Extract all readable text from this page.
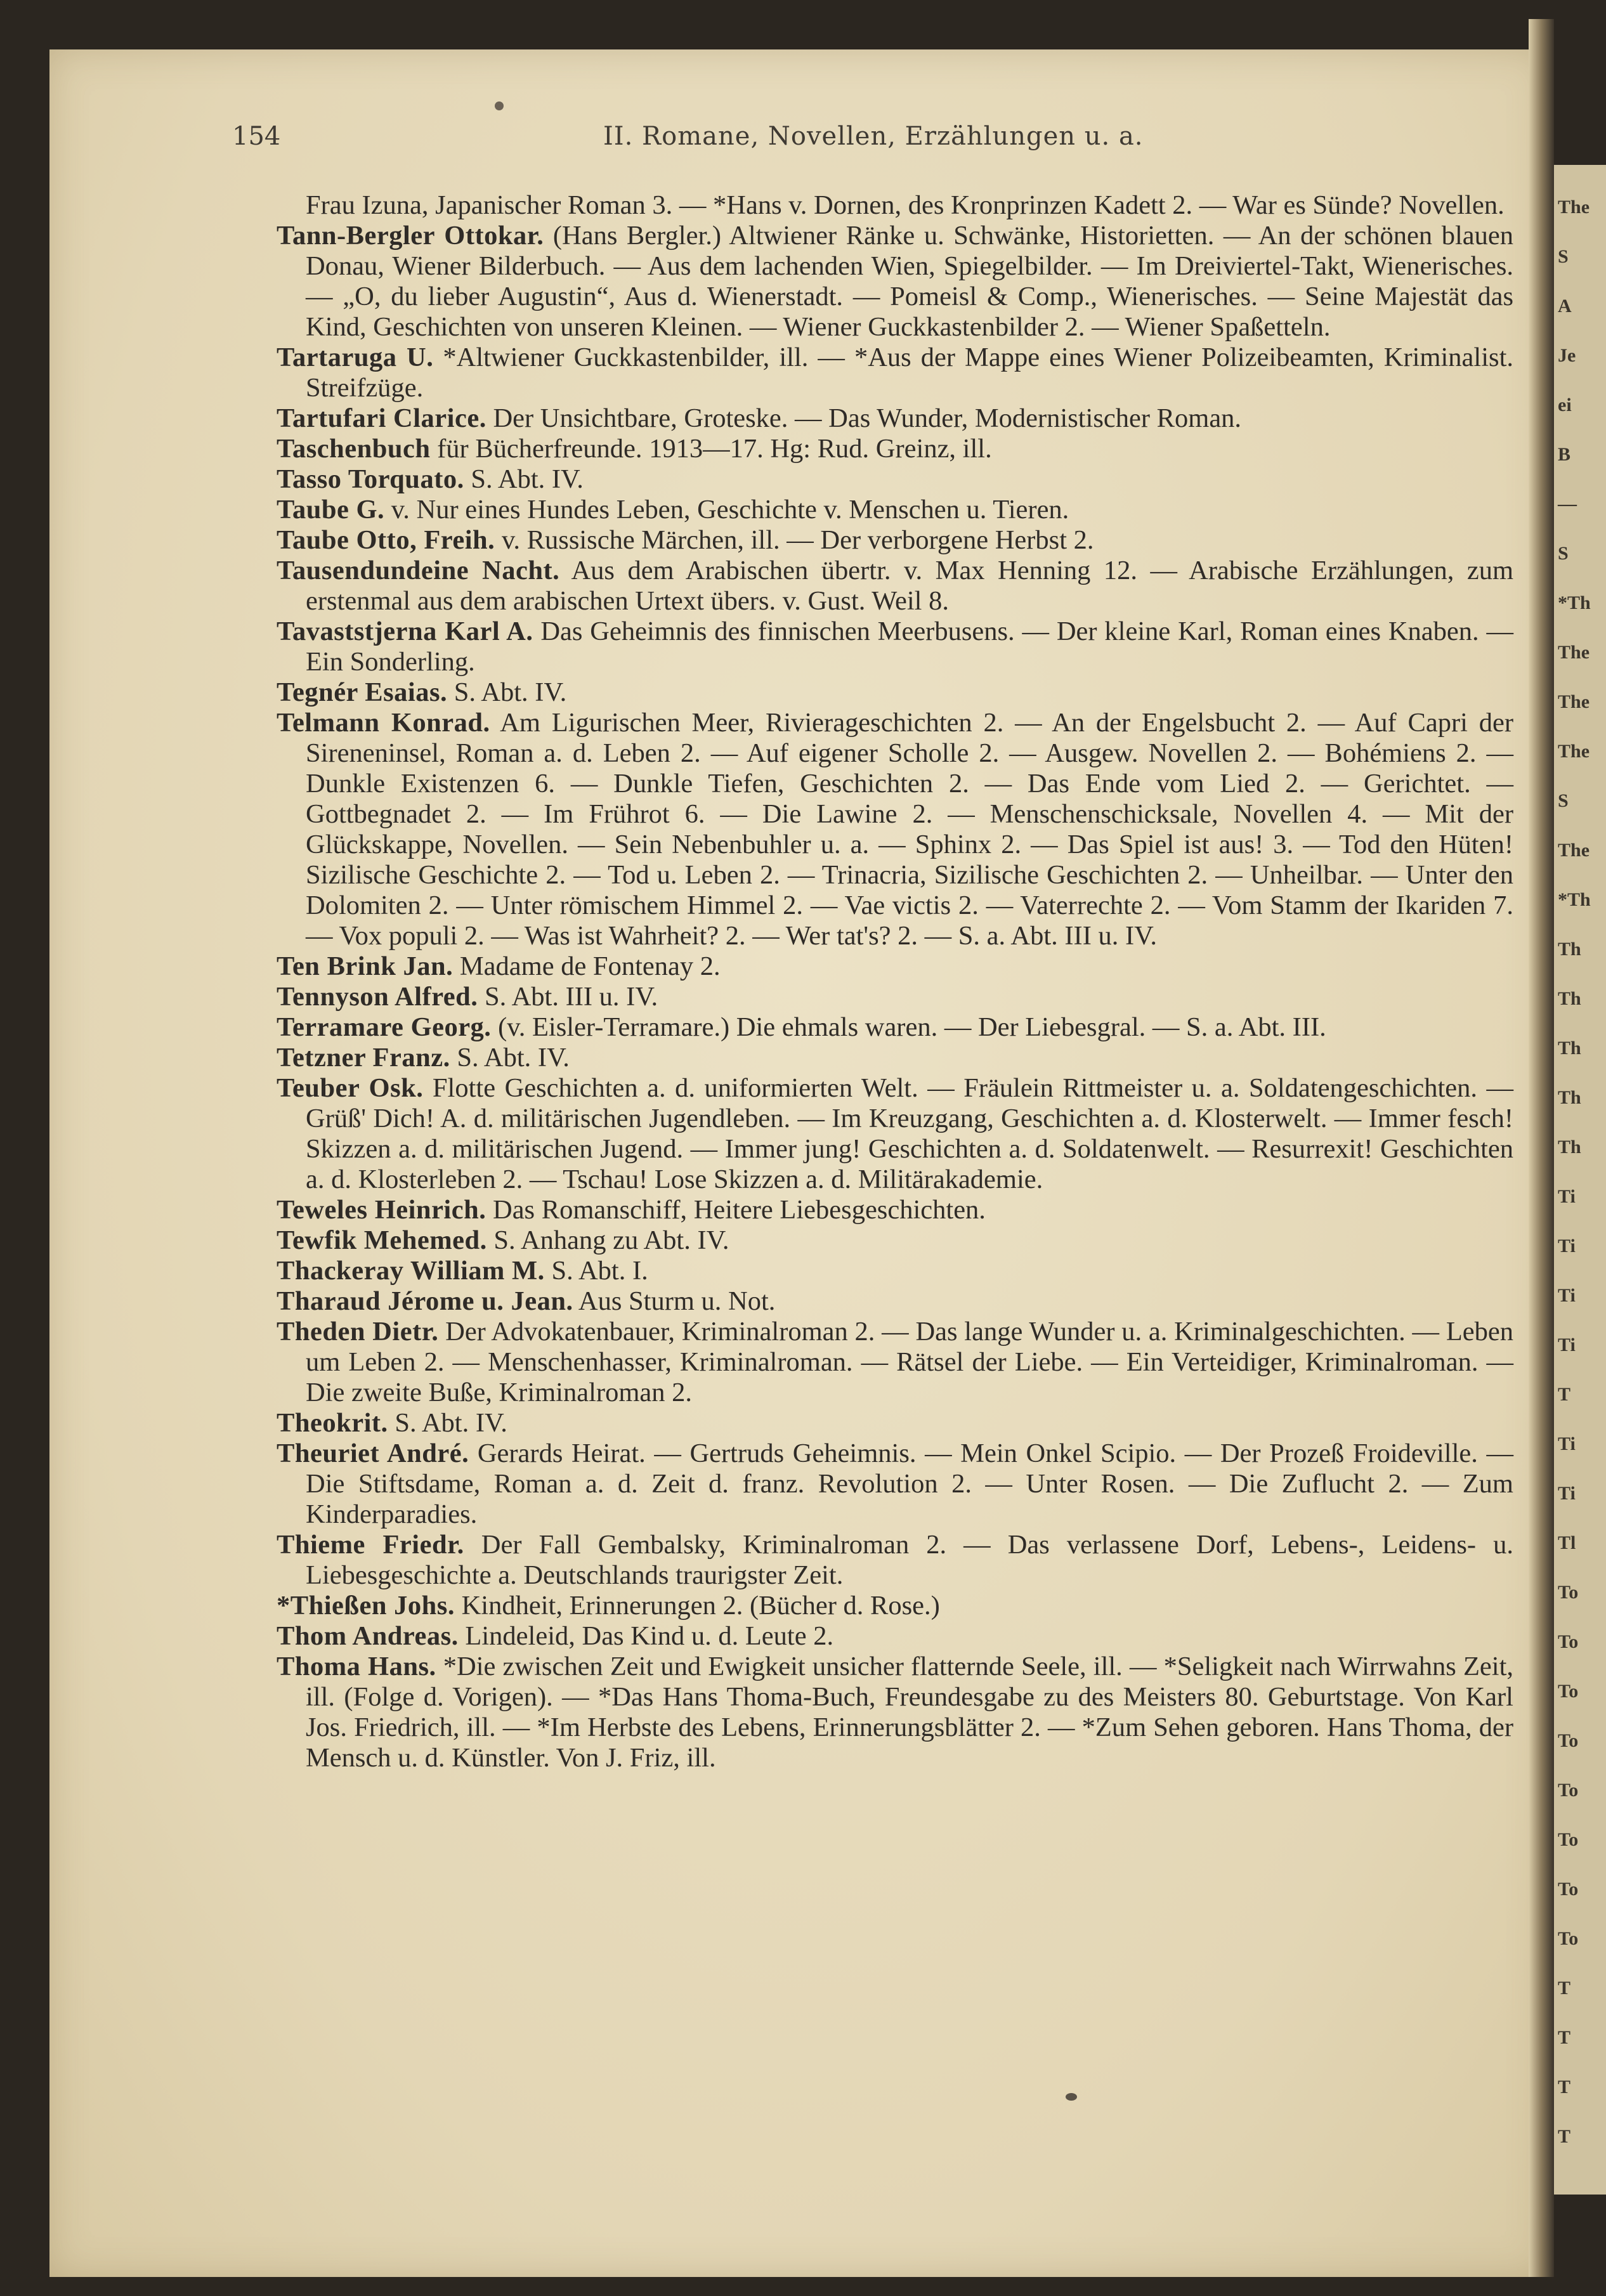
The
S
A
Je
ei
B
—
S
*Th
The
The
The
S
The
*Th
Th
Th
Th
Th
Th
Ti
Ti
Ti
Ti
T
Ti
Ti
Tl
To
To
To
To
To
To
To
To
T
T
T
T
154	II. Romane, Novellen, Erzählungen u. a.

Frau Izuna, Japanischer Roman 3. — *Hans v. Dornen, des Kronprinzen Kadett 2. — War es Sünde? Novellen.

Tann-Bergler Ottokar. (Hans Bergler.) Altwiener Ränke u. Schwänke, Historietten. — An der schönen blauen Donau, Wiener Bilderbuch. — Aus dem lachenden Wien, Spiegelbilder. — Im Dreiviertel-Takt, Wienerisches. — „O, du lieber Augustin“, Aus d. Wienerstadt. — Pomeisl & Comp., Wienerisches. — Seine Majestät das Kind, Geschichten von unseren Kleinen. — Wiener Guckkastenbilder 2. — Wiener Spaßetteln.

Tartaruga U. *Altwiener Guckkastenbilder, ill. — *Aus der Mappe eines Wiener Polizeibeamten, Kriminalist. Streifzüge.

Tartufari Clarice. Der Unsichtbare, Groteske. — Das Wunder, Modernistischer Roman.

Taschenbuch für Bücherfreunde. 1913—17. Hg: Rud. Greinz, ill.

Tasso Torquato. S. Abt. IV.

Taube G. v. Nur eines Hundes Leben, Geschichte v. Menschen u. Tieren.

Taube Otto, Freih. v. Russische Märchen, ill. — Der verborgene Herbst 2.

Tausendundeine Nacht. Aus dem Arabischen übertr. v. Max Henning 12. — Arabische Erzählungen, zum erstenmal aus dem arabischen Urtext übers. v. Gust. Weil 8.

Tavaststjerna Karl A. Das Geheimnis des finnischen Meerbusens. — Der kleine Karl, Roman eines Knaben. — Ein Sonderling.

Tegnér Esaias. S. Abt. IV.

Telmann Konrad. Am Ligurischen Meer, Rivierageschichten 2. — An der Engelsbucht 2. — Auf Capri der Sireneninsel, Roman a. d. Leben 2. — Auf eigener Scholle 2. — Ausgew. Novellen 2. — Bohémiens 2. — Dunkle Existenzen 6. — Dunkle Tiefen, Geschichten 2. — Das Ende vom Lied 2. — Gerichtet. — Gottbegnadet 2. — Im Frührot 6. — Die Lawine 2. — Menschenschicksale, Novellen 4. — Mit der Glückskappe, Novellen. — Sein Nebenbuhler u. a. — Sphinx 2. — Das Spiel ist aus! 3. — Tod den Hüten! Sizilische Geschichte 2. — Tod u. Leben 2. — Trinacria, Sizilische Geschichten 2. — Unheilbar. — Unter den Dolomiten 2. — Unter römischem Himmel 2. — Vae victis 2. — Vaterrechte 2. — Vom Stamm der Ikariden 7. — Vox populi 2. — Was ist Wahrheit? 2. — Wer tat's? 2. — S. a. Abt. III u. IV.

Ten Brink Jan. Madame de Fontenay 2.

Tennyson Alfred. S. Abt. III u. IV.

Terramare Georg. (v. Eisler-Terramare.) Die ehmals waren. — Der Liebesgral. — S. a. Abt. III.

Tetzner Franz. S. Abt. IV.

Teuber Osk. Flotte Geschichten a. d. uniformierten Welt. — Fräulein Rittmeister u. a. Soldatengeschichten. — Grüß' Dich! A. d. militärischen Jugendleben. — Im Kreuzgang, Geschichten a. d. Klosterwelt. — Immer fesch! Skizzen a. d. militärischen Jugend. — Immer jung! Geschichten a. d. Soldatenwelt. — Resurrexit! Geschichten a. d. Klosterleben 2. — Tschau! Lose Skizzen a. d. Militärakademie.

Teweles Heinrich. Das Romanschiff, Heitere Liebesgeschichten.

Tewfik Mehemed. S. Anhang zu Abt. IV.

Thackeray William M. S. Abt. I.

Tharaud Jérome u. Jean. Aus Sturm u. Not.

Theden Dietr. Der Advokatenbauer, Kriminalroman 2. — Das lange Wunder u. a. Kriminalgeschichten. — Leben um Leben 2. — Menschenhasser, Kriminalroman. — Rätsel der Liebe. — Ein Verteidiger, Kriminalroman. — Die zweite Buße, Kriminalroman 2.

Theokrit. S. Abt. IV.

Theuriet André. Gerards Heirat. — Gertruds Geheimnis. — Mein Onkel Scipio. — Der Prozeß Froideville. — Die Stiftsdame, Roman a. d. Zeit d. franz. Revolution 2. — Unter Rosen. — Die Zuflucht 2. — Zum Kinderparadies.

Thieme Friedr. Der Fall Gembalsky, Kriminalroman 2. — Das verlassene Dorf, Lebens-, Leidens- u. Liebesgeschichte a. Deutschlands traurigster Zeit.

*Thießen Johs. Kindheit, Erinnerungen 2. (Bücher d. Rose.)

Thom Andreas. Lindeleid, Das Kind u. d. Leute 2.

Thoma Hans. *Die zwischen Zeit und Ewigkeit unsicher flatternde Seele, ill. — *Seligkeit nach Wirrwahns Zeit, ill. (Folge d. Vorigen). — *Das Hans Thoma-Buch, Freundesgabe zu des Meisters 80. Geburtstage. Von Karl Jos. Friedrich, ill. — *Im Herbste des Lebens, Erinnerungsblätter 2. — *Zum Sehen geboren. Hans Thoma, der Mensch u. d. Künstler. Von J. Friz, ill.
